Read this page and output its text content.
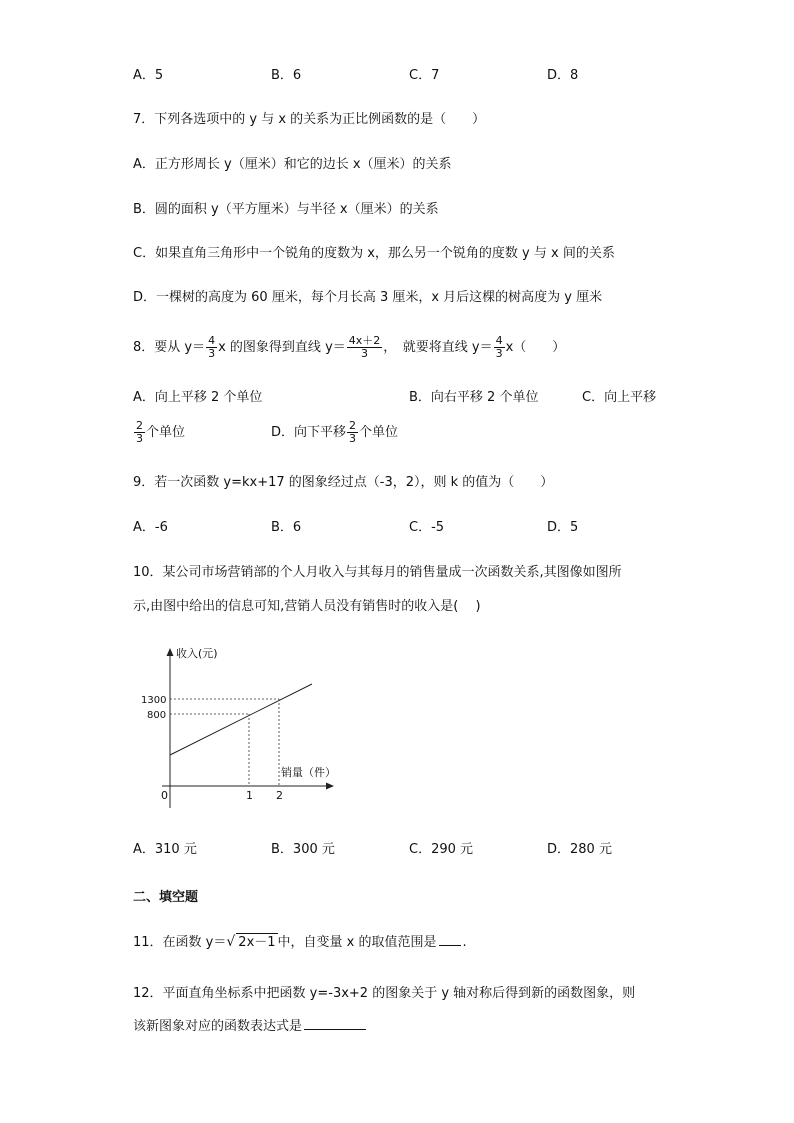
A．5	B．6	C．7	D．8
7．下列各选项中的 y 与 x 的关系为正比例函数的是（　　）
A．正方形周长 y（厘米）和它的边长 x（厘米）的关系
B．圆的面积 y（平方厘米）与半径 x（厘米）的关系
C．如果直角三角形中一个锐角的度数为 x，那么另一个锐角的度数 y 与 x 间的关系
D．一棵树的高度为 60 厘米，每个月长高 3 厘米，x 月后这棵的树高度为 y 厘米
8．要从 $y= \frac{4}{3}$ x 的图象得到直线 $y= \frac{4x+2}{3}$ ，　就要将直线 $y= \frac{4}{3} x$（　　）
A．向上平移 2 个单位	B．向右平移 2 个单位	C．向上平移
$\frac{2}{3}$ 个单位	D．向下平移 $\frac{2}{3}$ 个单位
9．若一次函数 y=kx+17 的图象经过点（-3，2），则 k 的值为（　　）
A．-6	B．6	C．-5	D．5
10．某公司市场营销部的个人月收入与其每月的销售量成一次函数关系,其图像如图所
示,由图中给出的信息可知,营销人员没有销售时的收入是(　 )
收入(元)
销量（件）
0
1300
800
1 2
A．310 元	B．300 元	C．290 元	D．280 元
二、填空题
11．在函数 y＝√ 2x－1 中，自变量 x 的取值范围是 .
12．平面直角坐标系中把函数 y=-3x+2 的图象关于 y 轴对称后得到新的函数图象，则
该新图象对应的函数表达式是
